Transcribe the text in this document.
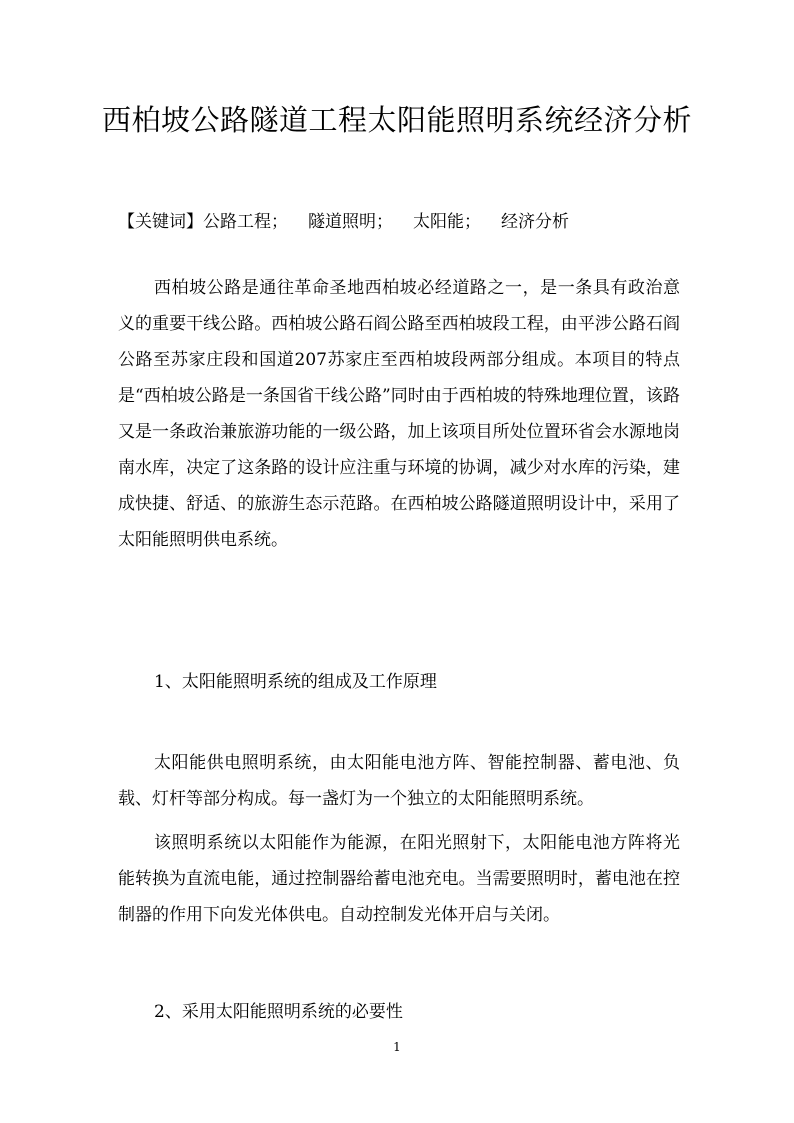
西柏坡公路隧道工程太阳能照明系统经济分析
【关键词】公路工程； 隧道照明； 太阳能； 经济分析

西柏坡公路是通往革命圣地西柏坡必经道路之一，是一条具有政治意义的重要干线公路。西柏坡公路石阎公路至西柏坡段工程，由平涉公路石阎公路至苏家庄段和国道207苏家庄至西柏坡段两部分组成。本项目的特点是“西柏坡公路是一条国省干线公路”同时由于西柏坡的特殊地理位置，该路又是一条政治兼旅游功能的一级公路，加上该项目所处位置环省会水源地岗南水库，决定了这条路的设计应注重与环境的协调，减少对水库的污染，建成快捷、舒适、的旅游生态示范路。在西柏坡公路隧道照明设计中，采用了太阳能照明供电系统。

1、太阳能照明系统的组成及工作原理

太阳能供电照明系统，由太阳能电池方阵、智能控制器、蓄电池、负载、灯杆等部分构成。每一盏灯为一个独立的太阳能照明系统。

该照明系统以太阳能作为能源，在阳光照射下，太阳能电池方阵将光能转换为直流电能，通过控制器给蓄电池充电。当需要照明时，蓄电池在控制器的作用下向发光体供电。自动控制发光体开启与关闭。

2、采用太阳能照明系统的必要性
1
